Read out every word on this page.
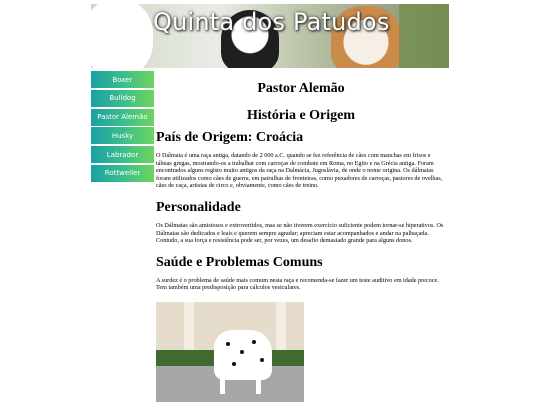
Quinta dos Patudos
Boxer
Bulldog
Pastor Alemão
Husky
Labrador
Rottweiler
Pastor Alemão
História e Origem
País de Origem: Croácia

O Dálmata é uma raça antiga, datando de 2 000 a.C. quando se fez referência de cães com manchas em frisos e tábuas gregas, mostrando-os a trabalhar com carroças de combate em Roma, no Egito e na Grécia antiga. Foram encontrados alguns registo muito antigos da raça na Dalmácia, Jugoslávia, de onde o nome origina. Os dálmatas foram utilizados como cães de guerra, em patrulhas de fronteiras, como puxadores de carroças, pastores de ovelhas, cães de caça, artistas de circo e, obviamente, como cães de treino.

Personalidade

Os Dálmatas são amistosos e extrovertidos, mas se não tiverem exercício suficiente podem tornar-se hiperativos. Os Dálmatas são dedicados e leais e querem sempre agradar; apreciam estar acompanhados e andar na palhaçada. Contudo, a sua força e resistência pode ser, por vezes, um desafio demasiado grande para alguns donos.

Saúde e Problemas Comuns

A surdez é o problema de saúde mais comum nesta raça e recomenda-se fazer um teste auditivo em idade precoce. Tem também uma predisposição para cálculos vesiculares.
